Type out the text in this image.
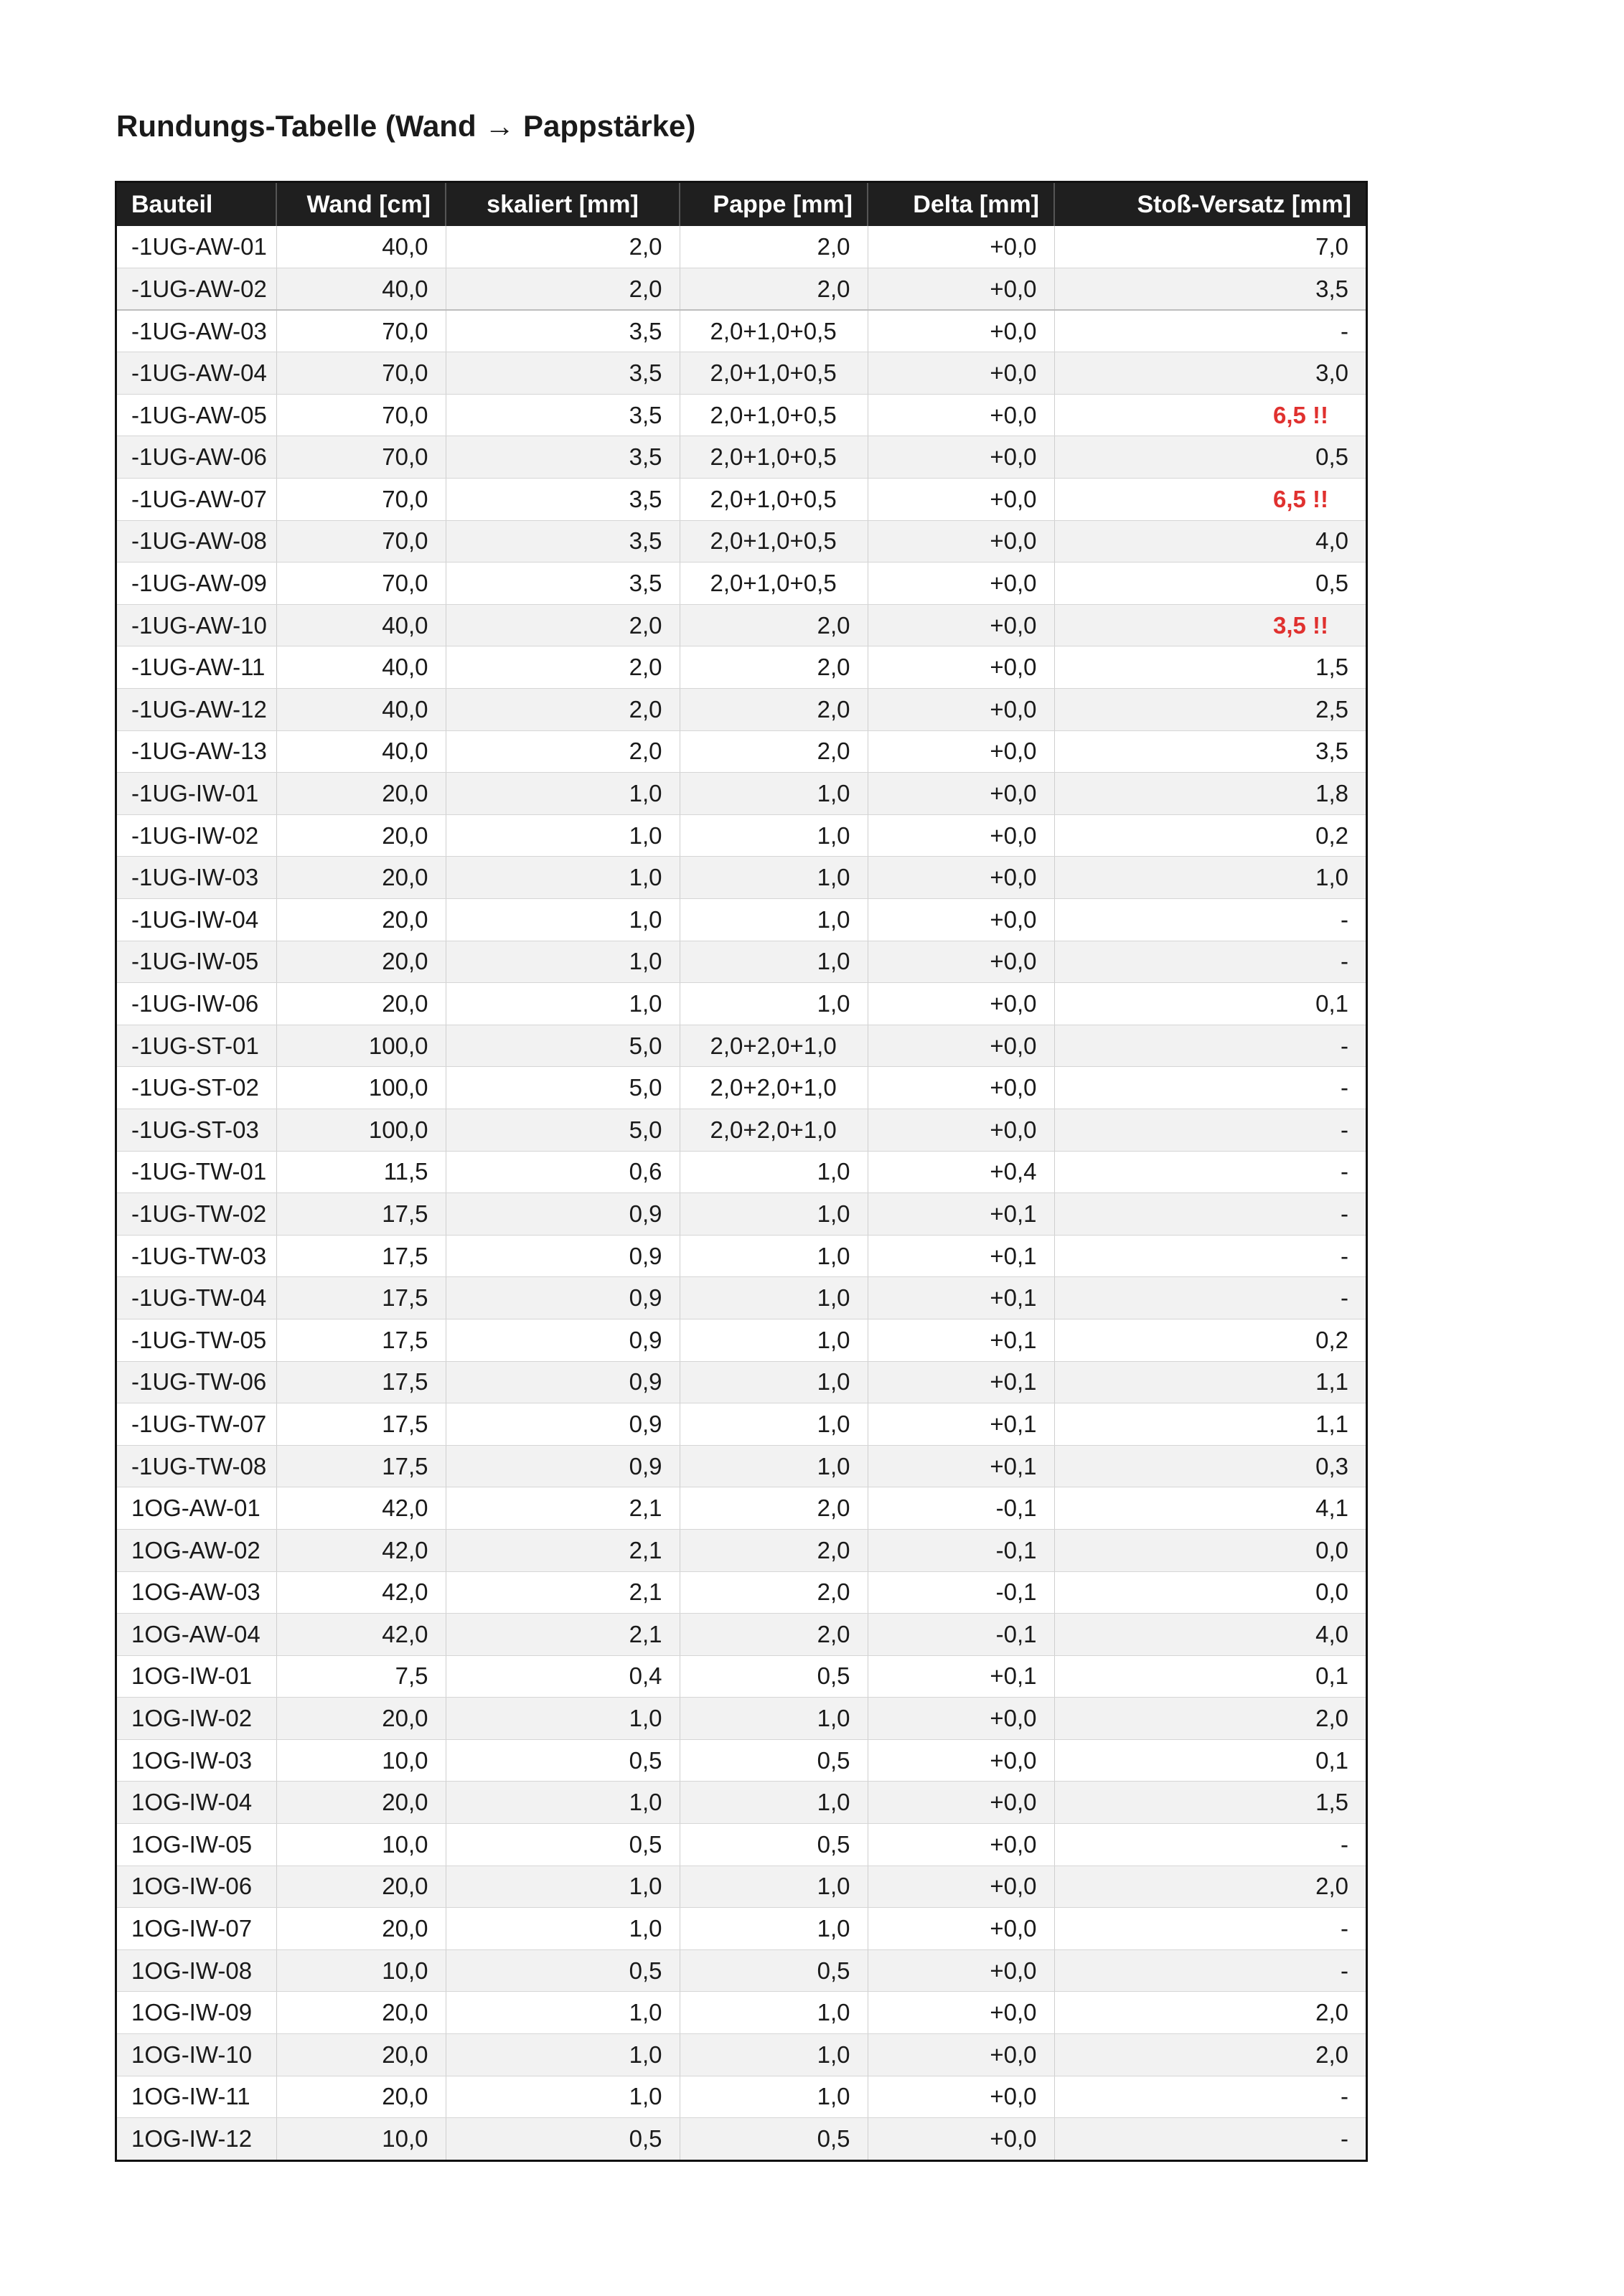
Rundungs-Tabelle (Wand → Pappstärke)
Bauteil	Wand [cm]	skaliert [mm]	Pappe [mm]	Delta [mm]	Stoß-Versatz [mm]
-1UG-AW-01	40,0	2,0	2,0	+0,0	7,0
-1UG-AW-02	40,0	2,0	2,0	+0,0	3,5
-1UG-AW-03	70,0	3,5	2,0+1,0+0,5	+0,0	-
-1UG-AW-04	70,0	3,5	2,0+1,0+0,5	+0,0	3,0
-1UG-AW-05	70,0	3,5	2,0+1,0+0,5	+0,0	6,5 !!
-1UG-AW-06	70,0	3,5	2,0+1,0+0,5	+0,0	0,5
-1UG-AW-07	70,0	3,5	2,0+1,0+0,5	+0,0	6,5 !!
-1UG-AW-08	70,0	3,5	2,0+1,0+0,5	+0,0	4,0
-1UG-AW-09	70,0	3,5	2,0+1,0+0,5	+0,0	0,5
-1UG-AW-10	40,0	2,0	2,0	+0,0	3,5 !!
-1UG-AW-11	40,0	2,0	2,0	+0,0	1,5
-1UG-AW-12	40,0	2,0	2,0	+0,0	2,5
-1UG-AW-13	40,0	2,0	2,0	+0,0	3,5
-1UG-IW-01	20,0	1,0	1,0	+0,0	1,8
-1UG-IW-02	20,0	1,0	1,0	+0,0	0,2
-1UG-IW-03	20,0	1,0	1,0	+0,0	1,0
-1UG-IW-04	20,0	1,0	1,0	+0,0	-
-1UG-IW-05	20,0	1,0	1,0	+0,0	-
-1UG-IW-06	20,0	1,0	1,0	+0,0	0,1
-1UG-ST-01	100,0	5,0	2,0+2,0+1,0	+0,0	-
-1UG-ST-02	100,0	5,0	2,0+2,0+1,0	+0,0	-
-1UG-ST-03	100,0	5,0	2,0+2,0+1,0	+0,0	-
-1UG-TW-01	11,5	0,6	1,0	+0,4	-
-1UG-TW-02	17,5	0,9	1,0	+0,1	-
-1UG-TW-03	17,5	0,9	1,0	+0,1	-
-1UG-TW-04	17,5	0,9	1,0	+0,1	-
-1UG-TW-05	17,5	0,9	1,0	+0,1	0,2
-1UG-TW-06	17,5	0,9	1,0	+0,1	1,1
-1UG-TW-07	17,5	0,9	1,0	+0,1	1,1
-1UG-TW-08	17,5	0,9	1,0	+0,1	0,3
1OG-AW-01	42,0	2,1	2,0	-0,1	4,1
1OG-AW-02	42,0	2,1	2,0	-0,1	0,0
1OG-AW-03	42,0	2,1	2,0	-0,1	0,0
1OG-AW-04	42,0	2,1	2,0	-0,1	4,0
1OG-IW-01	7,5	0,4	0,5	+0,1	0,1
1OG-IW-02	20,0	1,0	1,0	+0,0	2,0
1OG-IW-03	10,0	0,5	0,5	+0,0	0,1
1OG-IW-04	20,0	1,0	1,0	+0,0	1,5
1OG-IW-05	10,0	0,5	0,5	+0,0	-
1OG-IW-06	20,0	1,0	1,0	+0,0	2,0
1OG-IW-07	20,0	1,0	1,0	+0,0	-
1OG-IW-08	10,0	0,5	0,5	+0,0	-
1OG-IW-09	20,0	1,0	1,0	+0,0	2,0
1OG-IW-10	20,0	1,0	1,0	+0,0	2,0
1OG-IW-11	20,0	1,0	1,0	+0,0	-
1OG-IW-12	10,0	0,5	0,5	+0,0	-
